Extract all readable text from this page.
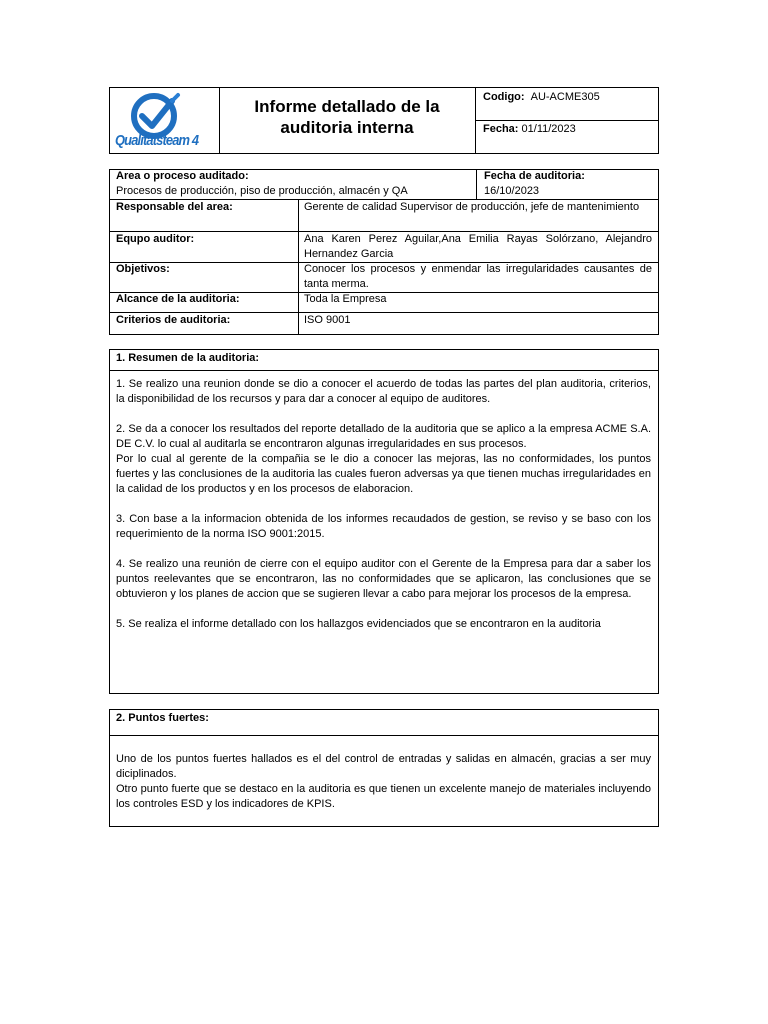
Qualitätsteam 4
Informe detallado de la auditoria interna
Codigo: AU-ACME305
Fecha: 01/11/2023
Area o proceso auditado:
Procesos de producción, piso de producción, almacén y QA
Fecha de auditoria:
16/10/2023
Responsable del area:	Gerente de calidad Supervisor de producción, jefe de mantenimiento
Equpo auditor:	Ana Karen Perez Aguilar,Ana Emilia Rayas Solórzano, Alejandro Hernandez Garcia
Objetivos:	Conocer los procesos y enmendar las irregularidades causantes de tanta merma.
Alcance de la auditoria:	Toda la Empresa
Criterios de auditoria:	ISO 9001
1. Resumen de la auditoria:

1. Se realizo una reunion donde se dio a conocer el acuerdo de todas las partes del plan auditoria, criterios, la disponibilidad de los recursos y para dar a conocer al equipo de auditores.

2. Se da a conocer los resultados del reporte detallado de la auditoria que se aplico a la empresa ACME S.A. DE C.V. lo cual al auditarla se encontraron algunas irregularidades en sus procesos.

Por lo cual al gerente de la compañia se le dio a conocer las mejoras, las no conformidades, los puntos fuertes y las conclusiones de la auditoria las cuales fueron adversas ya que tienen muchas irregularidades en la calidad de los productos y en los procesos de elaboracion.

3. Con base a la informacion obtenida de los informes recaudados de gestion, se reviso y se baso con los requerimiento de la norma ISO 9001:2015.

4. Se realizo una reunión de cierre con el equipo auditor con el Gerente de la Empresa para dar a saber los puntos reelevantes que se encontraron, las no conformidades que se aplicaron, las conclusiones que se obtuvieron y los planes de accion que se sugieren llevar a cabo para mejorar los procesos de la empresa.

5. Se realiza el informe detallado con los hallazgos evidenciados que se encontraron en la auditoria

2. Puntos fuertes:

Uno de los puntos fuertes hallados es el del control de entradas y salidas en almacén, gracias a ser muy diciplinados.

Otro punto fuerte que se destaco en la auditoria es que tienen un excelente manejo de materiales incluyendo los controles ESD y los indicadores de KPIS.
